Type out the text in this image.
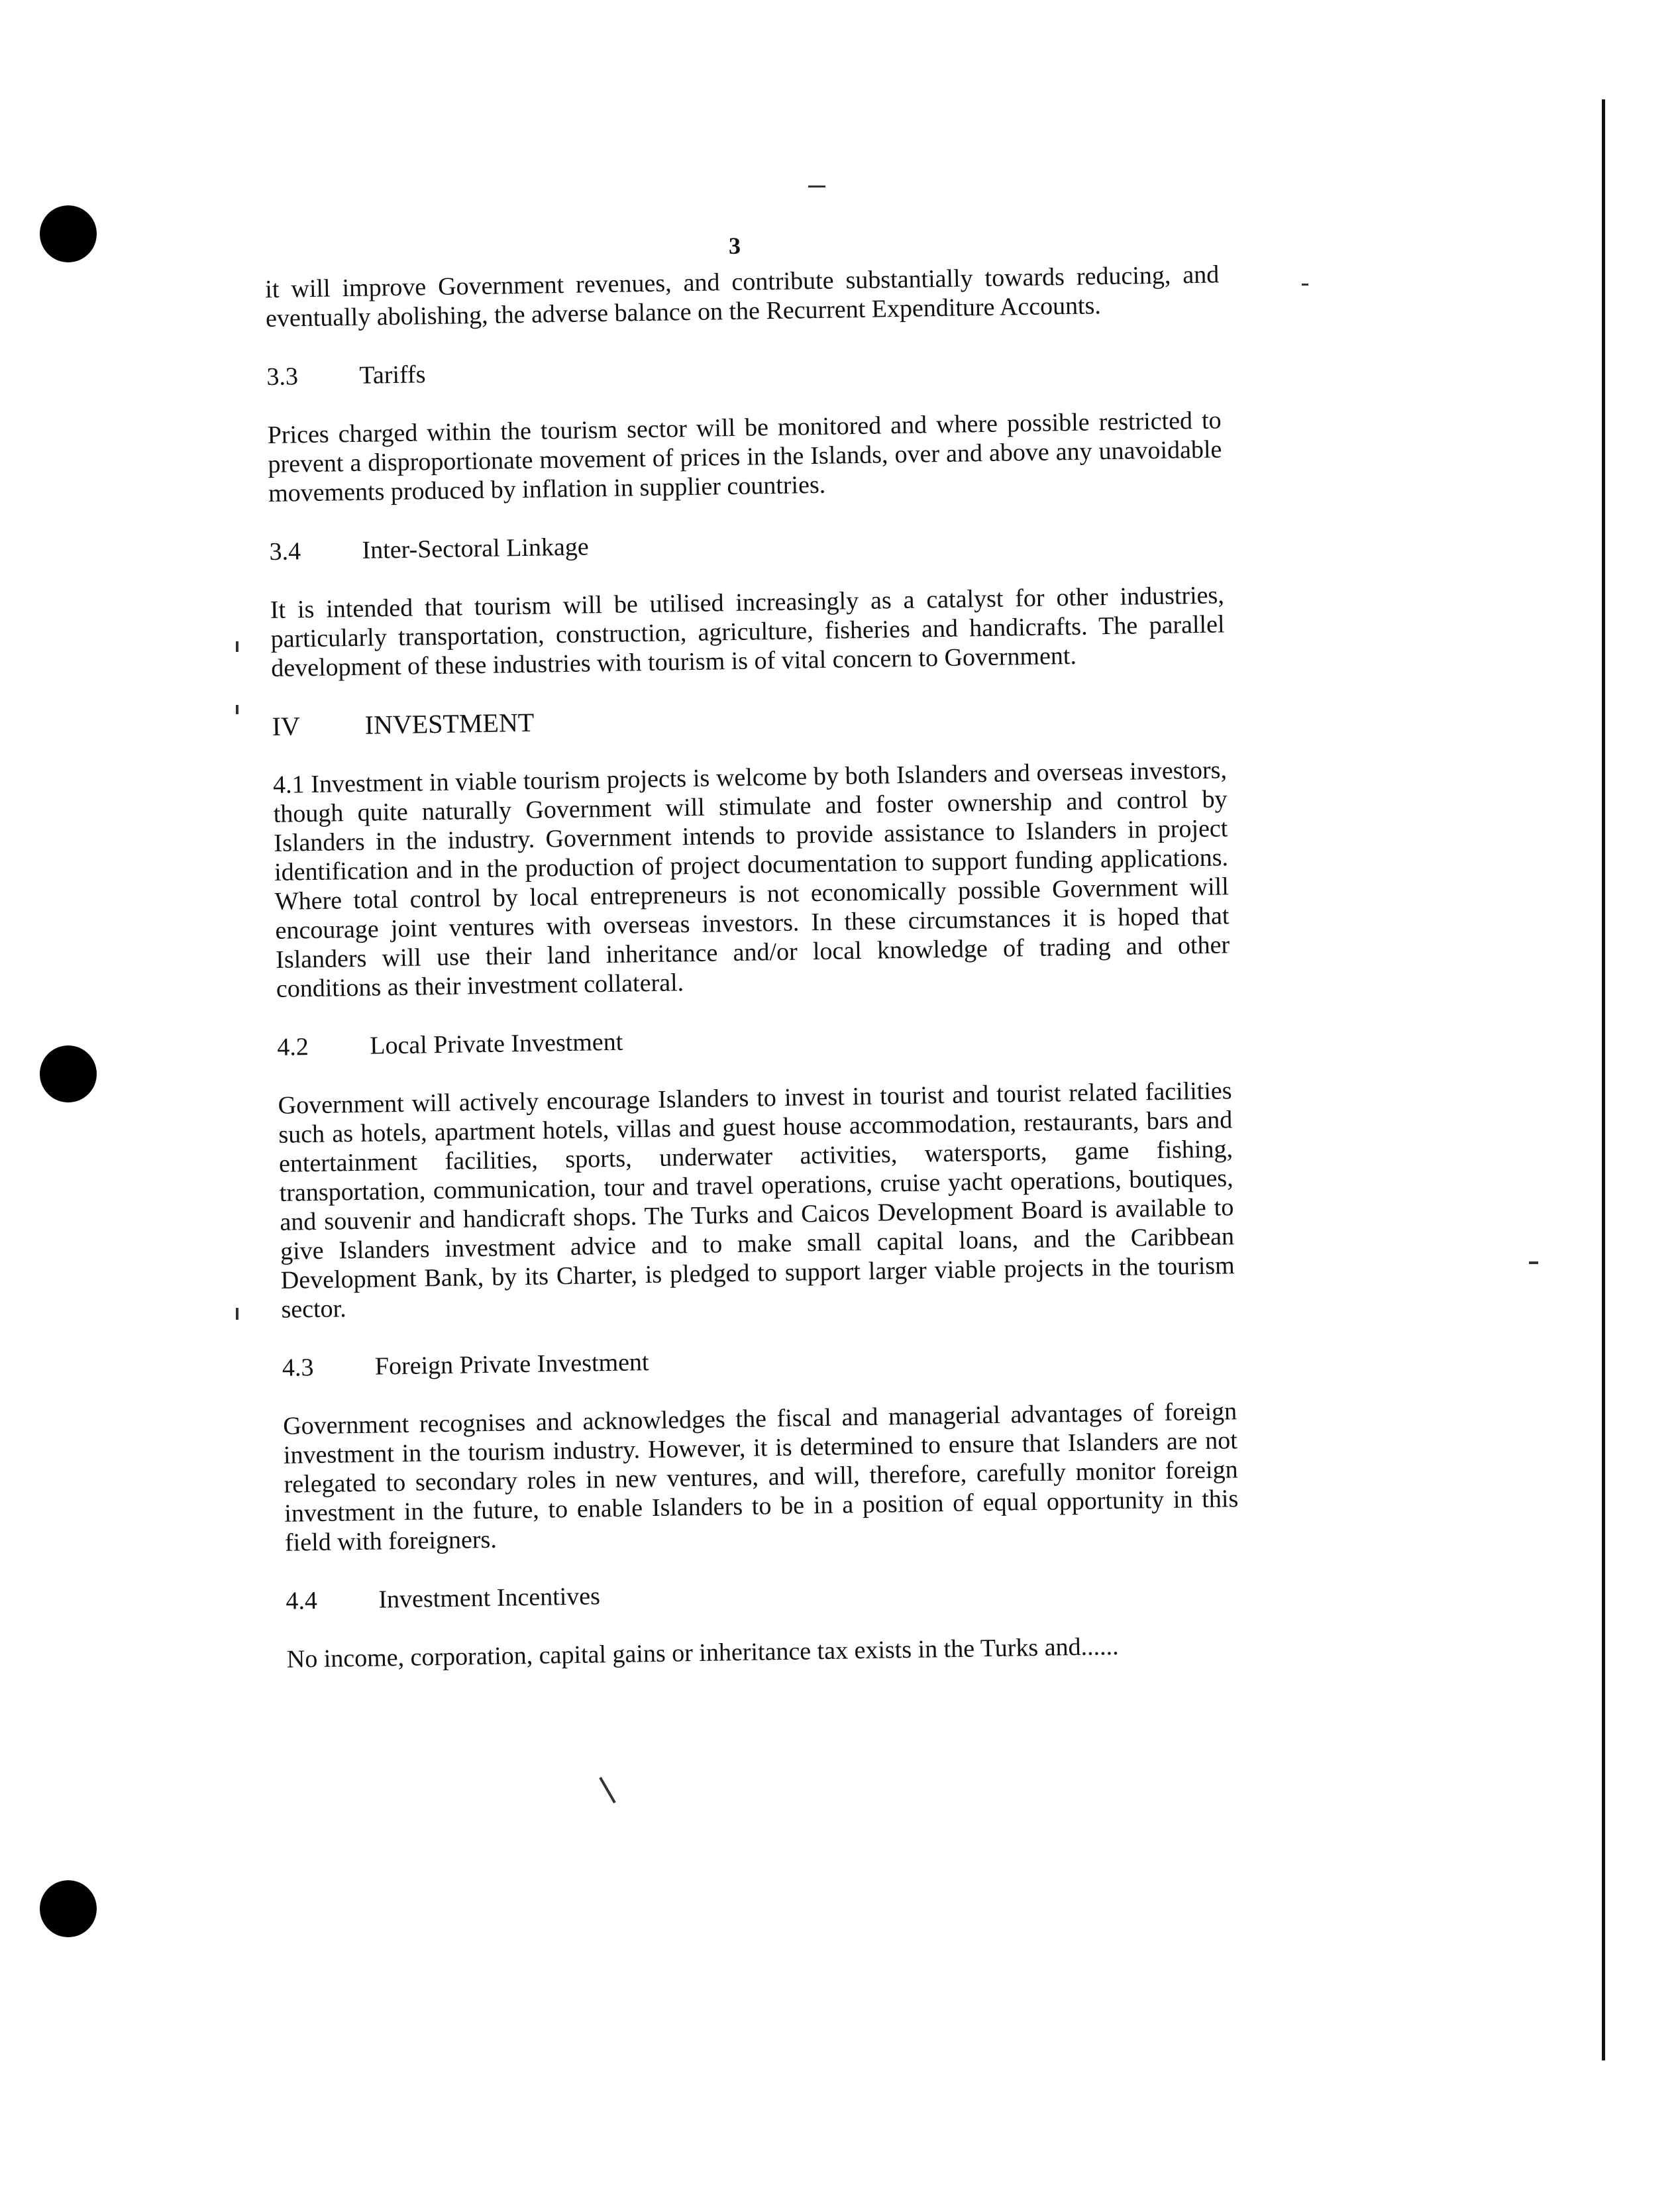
3

it will improve Government revenues, and contribute substantially towards reducing, and eventually abolishing, the adverse balance on the Recurrent Expenditure Accounts.

3.3 Tariffs

Prices charged within the tourism sector will be monitored and where possible restricted to prevent a disproportionate movement of prices in the Islands, over and above any unavoidable movements produced by inflation in supplier countries.

3.4 Inter-Sectoral Linkage

It is intended that tourism will be utilised increasingly as a catalyst for other industries, particularly transportation, construction, agriculture, fisheries and handicrafts. The parallel development of these industries with tourism is of vital concern to Government.

IV INVESTMENT

4.1 Investment in viable tourism projects is welcome by both Islanders and overseas investors, though quite naturally Government will stimulate and foster ownership and control by Islanders in the industry. Government intends to provide assistance to Islanders in project identification and in the production of project documentation to support funding applications. Where total control by local entrepreneurs is not economically possible Government will encourage joint ventures with overseas investors. In these circumstances it is hoped that Islanders will use their land inheritance and/or local knowledge of trading and other conditions as their investment collateral.

4.2 Local Private Investment

Government will actively encourage Islanders to invest in tourist and tourist related facilities such as hotels, apartment hotels, villas and guest house accommodation, restaurants, bars and entertainment facilities, sports, underwater activities, watersports, game fishing, transportation, communication, tour and travel operations, cruise yacht operations, boutiques, and souvenir and handicraft shops. The Turks and Caicos Development Board is available to give Islanders investment advice and to make small capital loans, and the Caribbean Development Bank, by its Charter, is pledged to support larger viable projects in the tourism sector.

4.3 Foreign Private Investment

Government recognises and acknowledges the fiscal and managerial advantages of foreign investment in the tourism industry. However, it is determined to ensure that Islanders are not relegated to secondary roles in new ventures, and will, therefore, carefully monitor foreign investment in the future, to enable Islanders to be in a position of equal opportunity in this field with foreigners.

4.4 Investment Incentives

No income, corporation, capital gains or inheritance tax exists in the Turks and......
